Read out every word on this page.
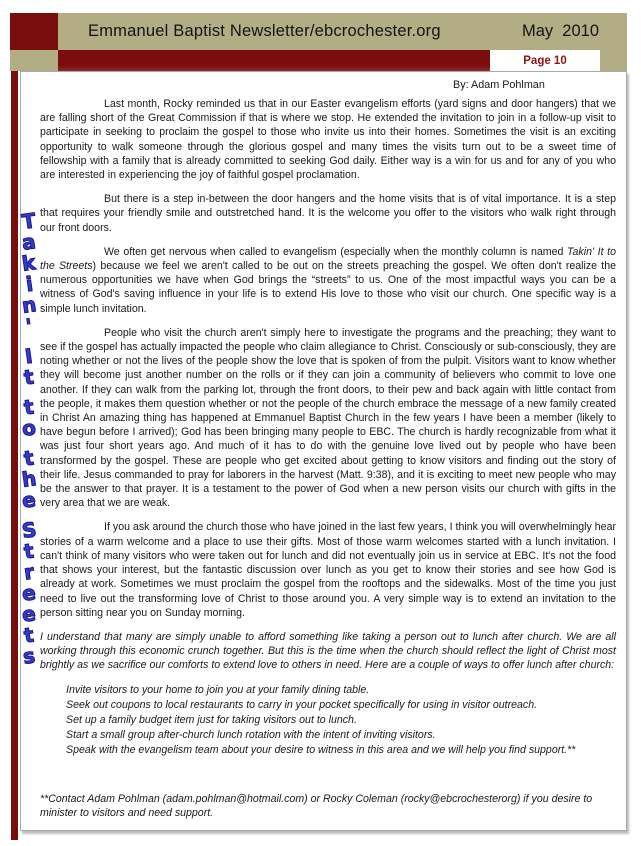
Emmanuel Baptist Newsletter/ebcrochester.org	May  2010
Page 10
By: Adam Pohlman

Last month, Rocky reminded us that in our Easter evangelism efforts (yard signs and door hangers) that we are falling short of the Great Commission if that is where we stop. He extended the invitation to join in a follow-up visit to participate in seeking to proclaim the gospel to those who invite us into their homes. Sometimes the visit is an exciting opportunity to walk someone through the glorious gospel and many times the visits turn out to be a sweet time of fellowship with a family that is already committed to seeking God daily. Either way is a win for us and for any of you who are interested in experiencing the joy of faithful gospel proclamation.

But there is a step in-between the door hangers and the home visits that is of vital importance. It is a step that requires your friendly smile and outstretched hand. It is the welcome you offer to the visitors who walk right through our front doors.

We often get nervous when called to evangelism (especially when the monthly column is named Takin' It to the Streets) because we feel we aren't called to be out on the streets preaching the gospel. We often don't realize the numerous opportunities we have when God brings the “streets” to us. One of the most impactful ways you can be a witness of God's saving influence in your life is to extend His love to those who visit our church. One specific way is a simple lunch invitation.

People who visit the church aren't simply here to investigate the programs and the preaching; they want to see if the gospel has actually impacted the people who claim allegiance to Christ. Consciously or sub-consciously, they are noting whether or not the lives of the people show the love that is spoken of from the pulpit. Visitors want to know whether they will become just another number on the rolls or if they can join a community of believers who commit to love one another. If they can walk from the parking lot, through the front doors, to their pew and back again with little contact from the people, it makes them question whether or not the people of the church embrace the message of a new family created in Christ An amazing thing has happened at Emmanuel Baptist Church in the few years I have been a member (likely to have begun before I arrived); God has been bringing many people to EBC. The church is hardly recognizable from what it was just four short years ago. And much of it has to do with the genuine love lived out by people who have been transformed by the gospel. These are people who get excited about getting to know visitors and finding out the story of their life. Jesus commanded to pray for laborers in the harvest (Matt. 9:38), and it is exciting to meet new people who may be the answer to that prayer. It is a testament to the power of God when a new person visits our church with gifts in the very area that we are weak.

If you ask around the church those who have joined in the last few years, I think you will overwhelmingly hear stories of a warm welcome and a place to use their gifts. Most of those warm welcomes started with a lunch invitation. I can't think of many visitors who were taken out for lunch and did not eventually join us in service at EBC. It's not the food that shows your interest, but the fantastic discussion over lunch as you get to know their stories and see how God is already at work. Sometimes we must proclaim the gospel from the rooftops and the sidewalks. Most of the time you just need to live out the transforming love of Christ to those around you. A very simple way is to extend an invitation to the person sitting near you on Sunday morning.

I understand that many are simply unable to afford something like taking a person out to lunch after church. We are all working through this economic crunch together. But this is the time when the church should reflect the light of Christ most brightly as we sacrifice our comforts to extend love to others in need. Here are a couple of ways to offer lunch after church:

Invite visitors to your home to join you at your family dining table.
Seek out coupons to local restaurants to carry in your pocket specifically for using in visitor outreach.
Set up a family budget item just for taking visitors out to lunch.
Start a small group after-church lunch rotation with the intent of inviting visitors.
Speak with the evangelism team about your desire to witness in this area and we will help you find support.**
**Contact Adam Pohlman (adam.pohlman@hotmail.com) or Rocky Coleman (rocky@ebcrochesterorg) if you desire to minister to visitors and need support.
T
a
k
i
n
'
I
t
t
o
t
h
e
S
t
r
e
e
t
s
